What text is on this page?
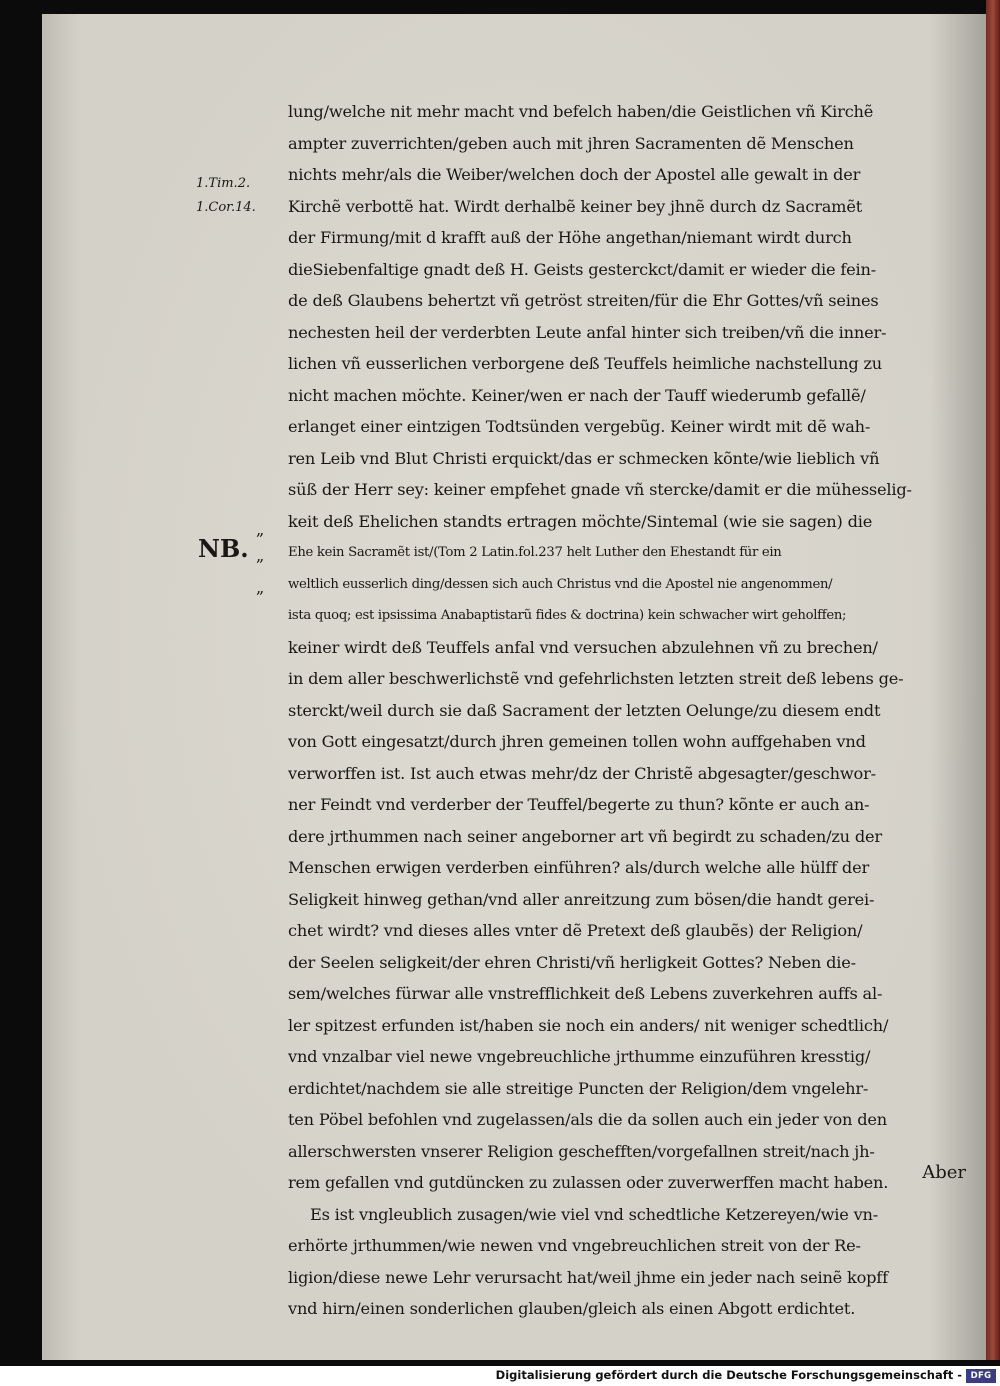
1.Tim.2.
1.Cor.14.
NB.
„
„
„
lung/welche nit mehr macht vnd befelch haben/die Geistlichen vñ Kirchẽ
ampter zuverrichten/geben auch mit jhren Sacramenten dẽ Menschen
nichts mehr/als die Weiber/welchen doch der Apostel alle gewalt in der
Kirchẽ verbottẽ hat. Wirdt derhalbẽ keiner bey jhnẽ durch dz Sacramẽt
der Firmung/mit d krafft auß der Höhe angethan/niemant wirdt durch
dieSiebenfaltige gnadt deß H. Geists gesterckct/damit er wieder die fein-
de deß Glaubens behertzt vñ getröst streiten/für die Ehr Gottes/vñ seines
nechesten heil der verderbten Leute anfal hinter sich treiben/vñ die inner-
lichen vñ eusserlichen verborgene deß Teuffels heimliche nachstellung zu
nicht machen möchte. Keiner/wen er nach der Tauff wiederumb gefallẽ/
erlanget einer eintzigen Todtsünden vergebũg. Keiner wirdt mit dẽ wah-
ren Leib vnd Blut Christi erquickt/das er schmecken kõnte/wie lieblich vñ
süß der Herr sey: keiner empfehet gnade vñ stercke/damit er die mühesselig-
keit deß Ehelichen standts ertragen möchte/Sintemal (wie sie sagen) die
Ehe kein Sacramẽt ist/(Tom 2 Latin.fol.237 helt Luther den Ehestandt für ein
weltlich eusserlich ding/dessen sich auch Christus vnd die Apostel nie angenommen/
ista quoq; est ipsissima Anabaptistarũ fides & doctrina) kein schwacher wirt geholffen;
keiner wirdt deß Teuffels anfal vnd versuchen abzulehnen vñ zu brechen/
in dem aller beschwerlichstẽ vnd gefehrlichsten letzten streit deß lebens ge-
sterckt/weil durch sie daß Sacrament der letzten Oelunge/zu diesem endt
von Gott eingesatzt/durch jhren gemeinen tollen wohn auffgehaben vnd
verworffen ist. Ist auch etwas mehr/dz der Christẽ abgesagter/geschwor-
ner Feindt vnd verderber der Teuffel/begerte zu thun? kõnte er auch an-
dere jrthummen nach seiner angeborner art vñ begirdt zu schaden/zu der
Menschen erwigen verderben einführen? als/durch welche alle hülff der
Seligkeit hinweg gethan/vnd aller anreitzung zum bösen/die handt gerei-
chet wirdt? vnd dieses alles vnter dẽ Pretext deß glaubẽs) der Religion/
der Seelen seligkeit/der ehren Christi/vñ herligkeit Gottes? Neben die-
sem/welches fürwar alle vnstrefflichkeit deß Lebens zuverkehren auffs al-
ler spitzest erfunden ist/haben sie noch ein anders/ nit weniger schedtlich/
vnd vnzalbar viel newe vngebreuchliche jrthumme einzuführen kresstig/
erdichtet/nachdem sie alle streitige Puncten der Religion/dem vngelehr-
ten Pöbel befohlen vnd zugelassen/als die da sollen auch ein jeder von den
allerschwersten vnserer Religion geschefften/vorgefallnen streit/nach jh-
rem gefallen vnd gutdüncken zu zulassen oder zuverwerffen macht haben.
Es ist vngleublich zusagen/wie viel vnd schedtliche Ketzereyen/wie vn-
erhörte jrthummen/wie newen vnd vngebreuchlichen streit von der Re-
ligion/diese newe Lehr verursacht hat/weil jhme ein jeder nach seinẽ kopff
vnd hirn/einen sonderlichen glauben/gleich als einen Abgott erdichtet.
Aber
Digitalisierung gefördert durch die Deutsche Forschungsgemeinschaft -	DFG
